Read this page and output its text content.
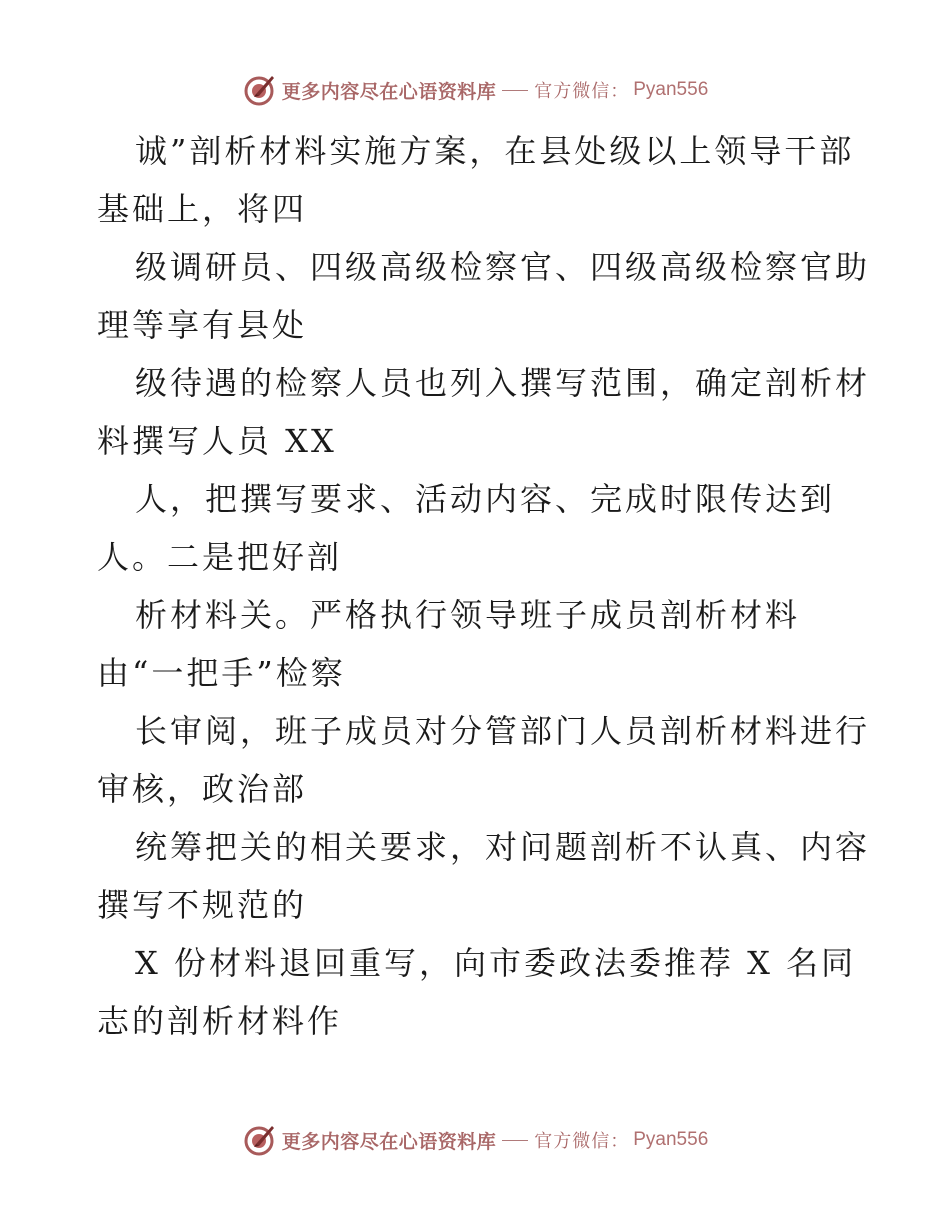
更多内容尽在心语资料库 官方微信： Pyan556
诚”剖析材料实施方案，在县处级以上领导干部
基础上，将四
级调研员、四级高级检察官、四级高级检察官助
理等享有县处
级待遇的检察人员也列入撰写范围，确定剖析材
料撰写人员 XX
人，把撰写要求、活动内容、完成时限传达到
人。二是把好剖
析材料关。严格执行领导班子成员剖析材料
由“一把手”检察
长审阅，班子成员对分管部门人员剖析材料进行
审核，政治部
统筹把关的相关要求，对问题剖析不认真、内容
撰写不规范的
X 份材料退回重写，向市委政法委推荐 X 名同
志的剖析材料作
更多内容尽在心语资料库 官方微信： Pyan556
